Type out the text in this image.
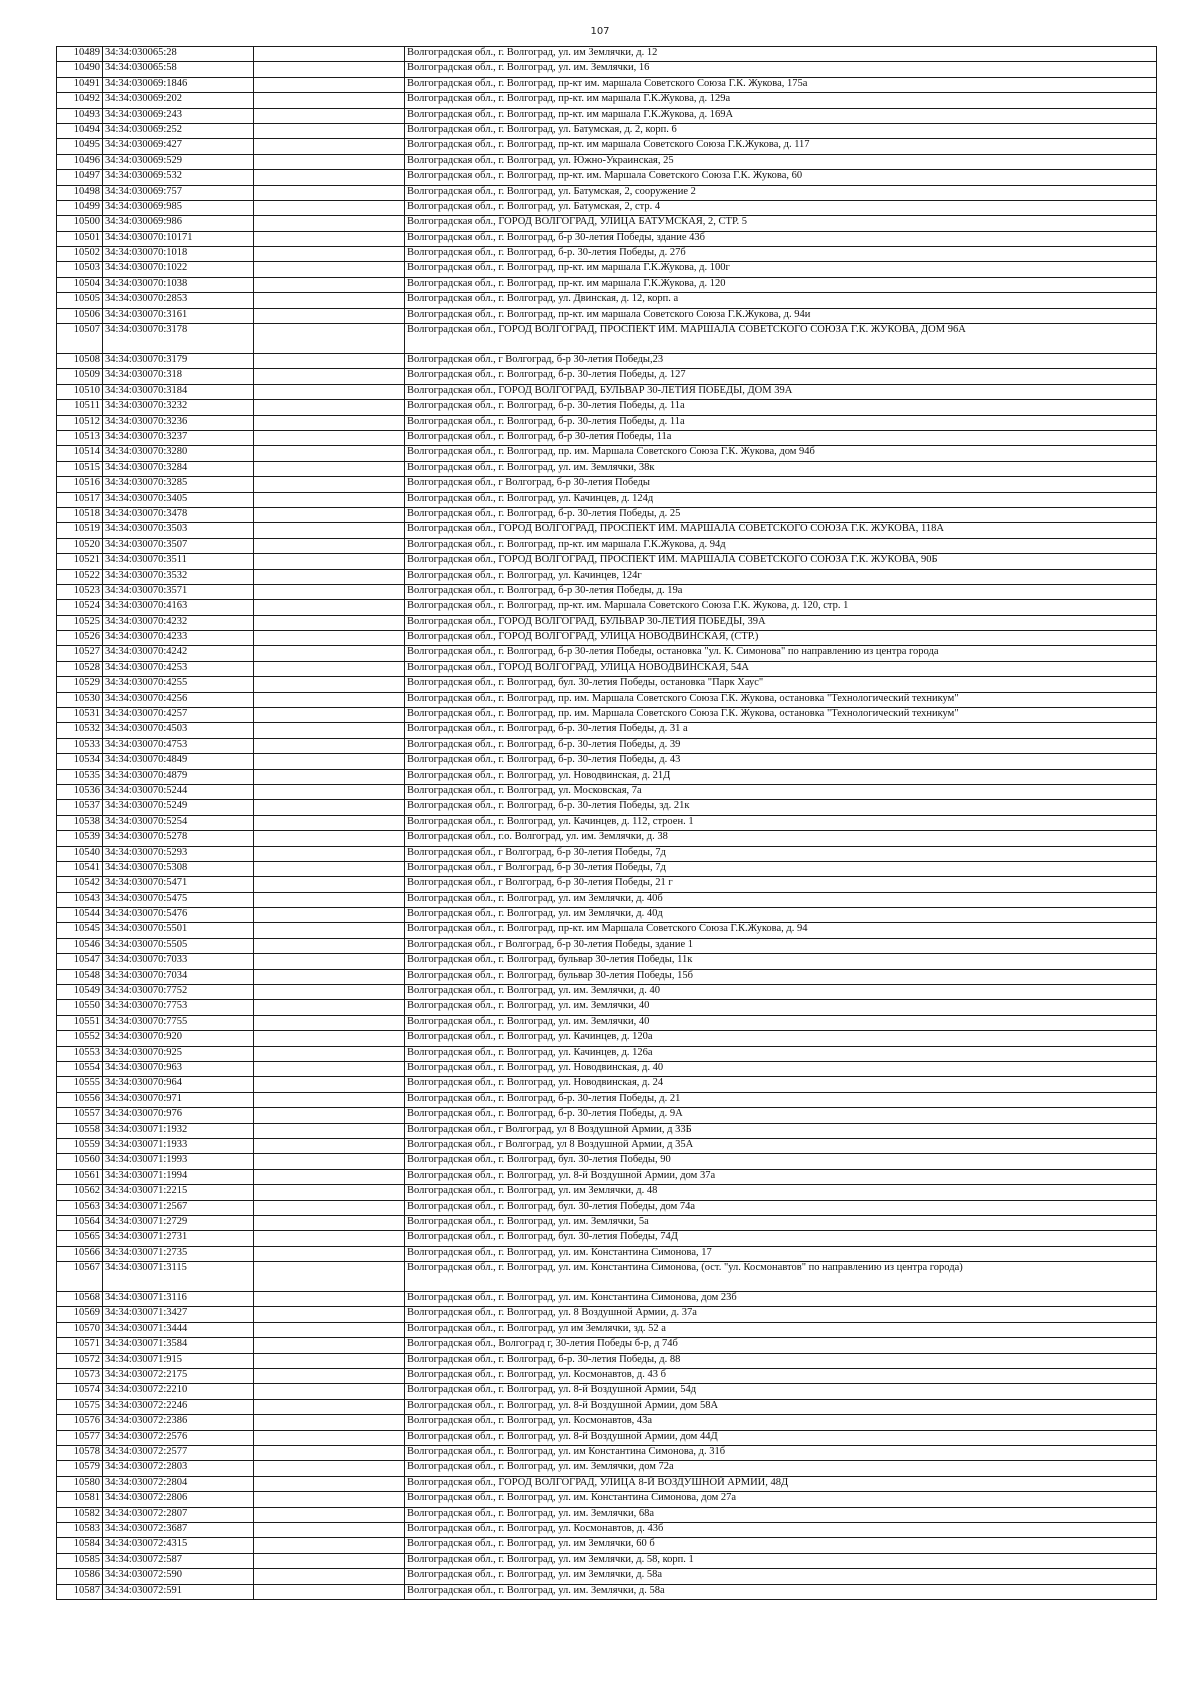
107
10489	34:34:030065:28		Волгоградская обл., г. Волгоград, ул. им Землячки, д. 12
10490	34:34:030065:58		Волгоградская обл., г. Волгоград, ул. им. Землячки, 16
10491	34:34:030069:1846		Волгоградская обл., г. Волгоград, пр-кт им. маршала Советского Союза Г.К. Жукова, 175а
10492	34:34:030069:202		Волгоградская обл., г. Волгоград, пр-кт. им маршала Г.К.Жукова, д. 129а
10493	34:34:030069:243		Волгоградская обл., г. Волгоград, пр-кт. им маршала Г.К.Жукова, д. 169А
10494	34:34:030069:252		Волгоградская обл., г. Волгоград, ул. Батумская, д. 2, корп. 6
10495	34:34:030069:427		Волгоградская обл., г. Волгоград, пр-кт. им маршала Советского Союза Г.К.Жукова, д. 117
10496	34:34:030069:529		Волгоградская обл., г. Волгоград, ул. Южно-Украинская, 25
10497	34:34:030069:532		Волгоградская обл., г. Волгоград, пр-кт. им. Маршала Советского Союза Г.К. Жукова, 60
10498	34:34:030069:757		Волгоградская обл., г. Волгоград, ул. Батумская, 2, сооружение 2
10499	34:34:030069:985		Волгоградская обл., г. Волгоград, ул. Батумская, 2, стр. 4
10500	34:34:030069:986		Волгоградская обл., ГОРОД ВОЛГОГРАД, УЛИЦА БАТУМСКАЯ, 2, СТР. 5
10501	34:34:030070:10171		Волгоградская обл., г. Волгоград, б-р 30-летия Победы, здание 43б
10502	34:34:030070:1018		Волгоградская обл., г. Волгоград, б-р. 30-летия Победы, д. 27б
10503	34:34:030070:1022		Волгоградская обл., г. Волгоград, пр-кт. им маршала Г.К.Жукова, д. 100г
10504	34:34:030070:1038		Волгоградская обл., г. Волгоград, пр-кт. им маршала Г.К.Жукова, д. 120
10505	34:34:030070:2853		Волгоградская обл., г. Волгоград, ул. Двинская, д. 12, корп. а
10506	34:34:030070:3161		Волгоградская обл., г. Волгоград, пр-кт. им маршала Советского Союза Г.К.Жукова, д. 94и
10507	34:34:030070:3178		Волгоградская обл., ГОРОД ВОЛГОГРАД, ПРОСПЕКТ ИМ. МАРШАЛА СОВЕТСКОГО СОЮЗА Г.К. ЖУКОВА, ДОМ 96А
10508	34:34:030070:3179		Волгоградская обл., г Волгоград, б-р 30-летия Победы,23
10509	34:34:030070:318		Волгоградская обл., г. Волгоград, б-р. 30-летия Победы, д. 127
10510	34:34:030070:3184		Волгоградская обл., ГОРОД ВОЛГОГРАД, БУЛЬВАР 30-ЛЕТИЯ ПОБЕДЫ, ДОМ 39А
10511	34:34:030070:3232		Волгоградская обл., г. Волгоград, б-р. 30-летия Победы, д. 11а
10512	34:34:030070:3236		Волгоградская обл., г. Волгоград, б-р. 30-летия Победы, д. 11а
10513	34:34:030070:3237		Волгоградская обл., г. Волгоград, б-р 30-летия Победы, 11а
10514	34:34:030070:3280		Волгоградская обл., г. Волгоград, пр. им. Маршала Советского Союза Г.К. Жукова, дом 94б
10515	34:34:030070:3284		Волгоградская обл., г. Волгоград, ул. им. Землячки, 38к
10516	34:34:030070:3285		Волгоградская обл., г Волгоград, б-р 30-летия Победы
10517	34:34:030070:3405		Волгоградская обл., г. Волгоград, ул. Качинцев, д. 124д
10518	34:34:030070:3478		Волгоградская обл., г. Волгоград, б-р. 30-летия Победы, д. 25
10519	34:34:030070:3503		Волгоградская обл., ГОРОД ВОЛГОГРАД, ПРОСПЕКТ ИМ. МАРШАЛА СОВЕТСКОГО СОЮЗА Г.К. ЖУКОВА, 118А
10520	34:34:030070:3507		Волгоградская обл., г. Волгоград, пр-кт. им маршала Г.К.Жукова, д. 94д
10521	34:34:030070:3511		Волгоградская обл., ГОРОД ВОЛГОГРАД, ПРОСПЕКТ ИМ. МАРШАЛА СОВЕТСКОГО СОЮЗА Г.К. ЖУКОВА, 90Б
10522	34:34:030070:3532		Волгоградская обл., г. Волгоград, ул. Качинцев, 124г
10523	34:34:030070:3571		Волгоградская обл., г. Волгоград, б-р 30-летия Победы, д. 19а
10524	34:34:030070:4163		Волгоградская обл., г. Волгоград, пр-кт. им. Маршала Советского Союза Г.К. Жукова, д. 120, стр. 1
10525	34:34:030070:4232		Волгоградская обл., ГОРОД ВОЛГОГРАД, БУЛЬВАР 30-ЛЕТИЯ ПОБЕДЫ, 39А
10526	34:34:030070:4233		Волгоградская обл., ГОРОД ВОЛГОГРАД, УЛИЦА НОВОДВИНСКАЯ, (СТР.)
10527	34:34:030070:4242		Волгоградская обл., г. Волгоград, б-р 30-летия Победы, остановка "ул. К. Симонова" по направлению из центра города
10528	34:34:030070:4253		Волгоградская обл., ГОРОД ВОЛГОГРАД, УЛИЦА НОВОДВИНСКАЯ, 54А
10529	34:34:030070:4255		Волгоградская обл., г. Волгоград, бул. 30-летия Победы, остановка "Парк Хаус"
10530	34:34:030070:4256		Волгоградская обл., г. Волгоград, пр. им. Маршала Советского Союза Г.К. Жукова, остановка "Технологический техникум"
10531	34:34:030070:4257		Волгоградская обл., г. Волгоград, пр. им. Маршала Советского Союза Г.К. Жукова, остановка "Технологический техникум"
10532	34:34:030070:4503		Волгоградская обл., г. Волгоград, б-р. 30-летия Победы, д. 31 а
10533	34:34:030070:4753		Волгоградская обл., г. Волгоград, б-р. 30-летия Победы, д. 39
10534	34:34:030070:4849		Волгоградская обл., г. Волгоград, б-р. 30-летия Победы, д. 43
10535	34:34:030070:4879		Волгоградская обл., г. Волгоград, ул. Новодвинская, д. 21Д
10536	34:34:030070:5244		Волгоградская обл., г. Волгоград, ул. Московская, 7а
10537	34:34:030070:5249		Волгоградская обл., г. Волгоград, б-р. 30-летия Победы, зд. 21к
10538	34:34:030070:5254		Волгоградская обл., г. Волгоград, ул. Качинцев, д. 112, строен. 1
10539	34:34:030070:5278		Волгоградская обл., г.о. Волгоград, ул. им. Землячки, д. 38
10540	34:34:030070:5293		Волгоградская обл., г Волгоград, б-р 30-летия Победы, 7д
10541	34:34:030070:5308		Волгоградская обл., г Волгоград, б-р 30-летия Победы, 7д
10542	34:34:030070:5471		Волгоградская обл., г Волгоград, б-р 30-летия Победы, 21 г
10543	34:34:030070:5475		Волгоградская обл., г. Волгоград, ул. им Землячки, д. 40б
10544	34:34:030070:5476		Волгоградская обл., г. Волгоград, ул. им Землячки, д. 40д
10545	34:34:030070:5501		Волгоградская обл., г. Волгоград, пр-кт. им Маршала Советского Союза Г.К.Жукова, д. 94
10546	34:34:030070:5505		Волгоградская обл., г Волгоград, б-р 30-летия Победы, здание 1
10547	34:34:030070:7033		Волгоградская обл., г. Волгоград, бульвар 30-летия Победы, 11к
10548	34:34:030070:7034		Волгоградская обл., г. Волгоград, бульвар 30-летия Победы, 15б
10549	34:34:030070:7752		Волгоградская обл., г. Волгоград, ул. им. Землячки, д. 40
10550	34:34:030070:7753		Волгоградская обл., г. Волгоград, ул. им. Землячки, 40
10551	34:34:030070:7755		Волгоградская обл., г. Волгоград, ул. им. Землячки, 40
10552	34:34:030070:920		Волгоградская обл., г. Волгоград, ул. Качинцев, д. 120а
10553	34:34:030070:925		Волгоградская обл., г. Волгоград, ул. Качинцев, д. 126а
10554	34:34:030070:963		Волгоградская обл., г. Волгоград, ул. Новодвинская, д. 40
10555	34:34:030070:964		Волгоградская обл., г. Волгоград, ул. Новодвинская, д. 24
10556	34:34:030070:971		Волгоградская обл., г. Волгоград, б-р. 30-летия Победы, д. 21
10557	34:34:030070:976		Волгоградская обл., г. Волгоград, б-р. 30-летия Победы, д. 9А
10558	34:34:030071:1932		Волгоградская обл., г Волгоград, ул 8 Воздушной Армии, д 33Б
10559	34:34:030071:1933		Волгоградская обл., г Волгоград, ул 8 Воздушной Армии, д 35А
10560	34:34:030071:1993		Волгоградская обл., г. Волгоград, бул. 30-летия Победы, 90
10561	34:34:030071:1994		Волгоградская обл., г. Волгоград, ул. 8-й Воздушной Армии, дом 37а
10562	34:34:030071:2215		Волгоградская обл., г. Волгоград, ул. им Землячки, д. 48
10563	34:34:030071:2567		Волгоградская обл., г. Волгоград, бул. 30-летия Победы, дом 74а
10564	34:34:030071:2729		Волгоградская обл., г. Волгоград, ул. им. Землячки, 5а
10565	34:34:030071:2731		Волгоградская обл., г. Волгоград, бул. 30-летия Победы, 74Д
10566	34:34:030071:2735		Волгоградская обл., г. Волгоград, ул. им. Константина Симонова, 17
10567	34:34:030071:3115		Волгоградская обл., г. Волгоград, ул. им. Константина Симонова, (ост. "ул. Космонавтов" по направлению из центра города)
10568	34:34:030071:3116		Волгоградская обл., г. Волгоград, ул. им. Константина Симонова, дом 23б
10569	34:34:030071:3427		Волгоградская обл., г. Волгоград, ул. 8 Воздушной Армии, д. 37а
10570	34:34:030071:3444		Волгоградская обл., г. Волгоград, ул им Землячки, зд. 52 а
10571	34:34:030071:3584		Волгоградская обл., Волгоград г, 30-летия Победы б-р, д 74б
10572	34:34:030071:915		Волгоградская обл., г. Волгоград, б-р. 30-летия Победы, д. 88
10573	34:34:030072:2175		Волгоградская обл., г. Волгоград, ул. Космонавтов, д. 43 б
10574	34:34:030072:2210		Волгоградская обл., г. Волгоград, ул. 8-й Воздушной Армии, 54д
10575	34:34:030072:2246		Волгоградская обл., г. Волгоград, ул. 8-й Воздушной Армии, дом 58А
10576	34:34:030072:2386		Волгоградская обл., г. Волгоград, ул. Космонавтов, 43а
10577	34:34:030072:2576		Волгоградская обл., г. Волгоград, ул. 8-й Воздушной Армии, дом 44Д
10578	34:34:030072:2577		Волгоградская обл., г. Волгоград, ул. им Константина Симонова, д. 31б
10579	34:34:030072:2803		Волгоградская обл., г. Волгоград, ул. им. Землячки, дом 72а
10580	34:34:030072:2804		Волгоградская обл., ГОРОД ВОЛГОГРАД, УЛИЦА 8-Й ВОЗДУШНОЙ АРМИИ, 48Д
10581	34:34:030072:2806		Волгоградская обл., г. Волгоград, ул. им. Константина Симонова, дом 27а
10582	34:34:030072:2807		Волгоградская обл., г. Волгоград, ул. им. Землячки, 68а
10583	34:34:030072:3687		Волгоградская обл., г. Волгоград, ул. Космонавтов, д. 43б
10584	34:34:030072:4315		Волгоградская обл., г. Волгоград, ул. им Землячки, 60 б
10585	34:34:030072:587		Волгоградская обл., г. Волгоград, ул. им Землячки, д. 58, корп. 1
10586	34:34:030072:590		Волгоградская обл., г. Волгоград, ул. им Землячки, д. 58а
10587	34:34:030072:591		Волгоградская обл., г. Волгоград, ул. им. Землячки, д. 58а
